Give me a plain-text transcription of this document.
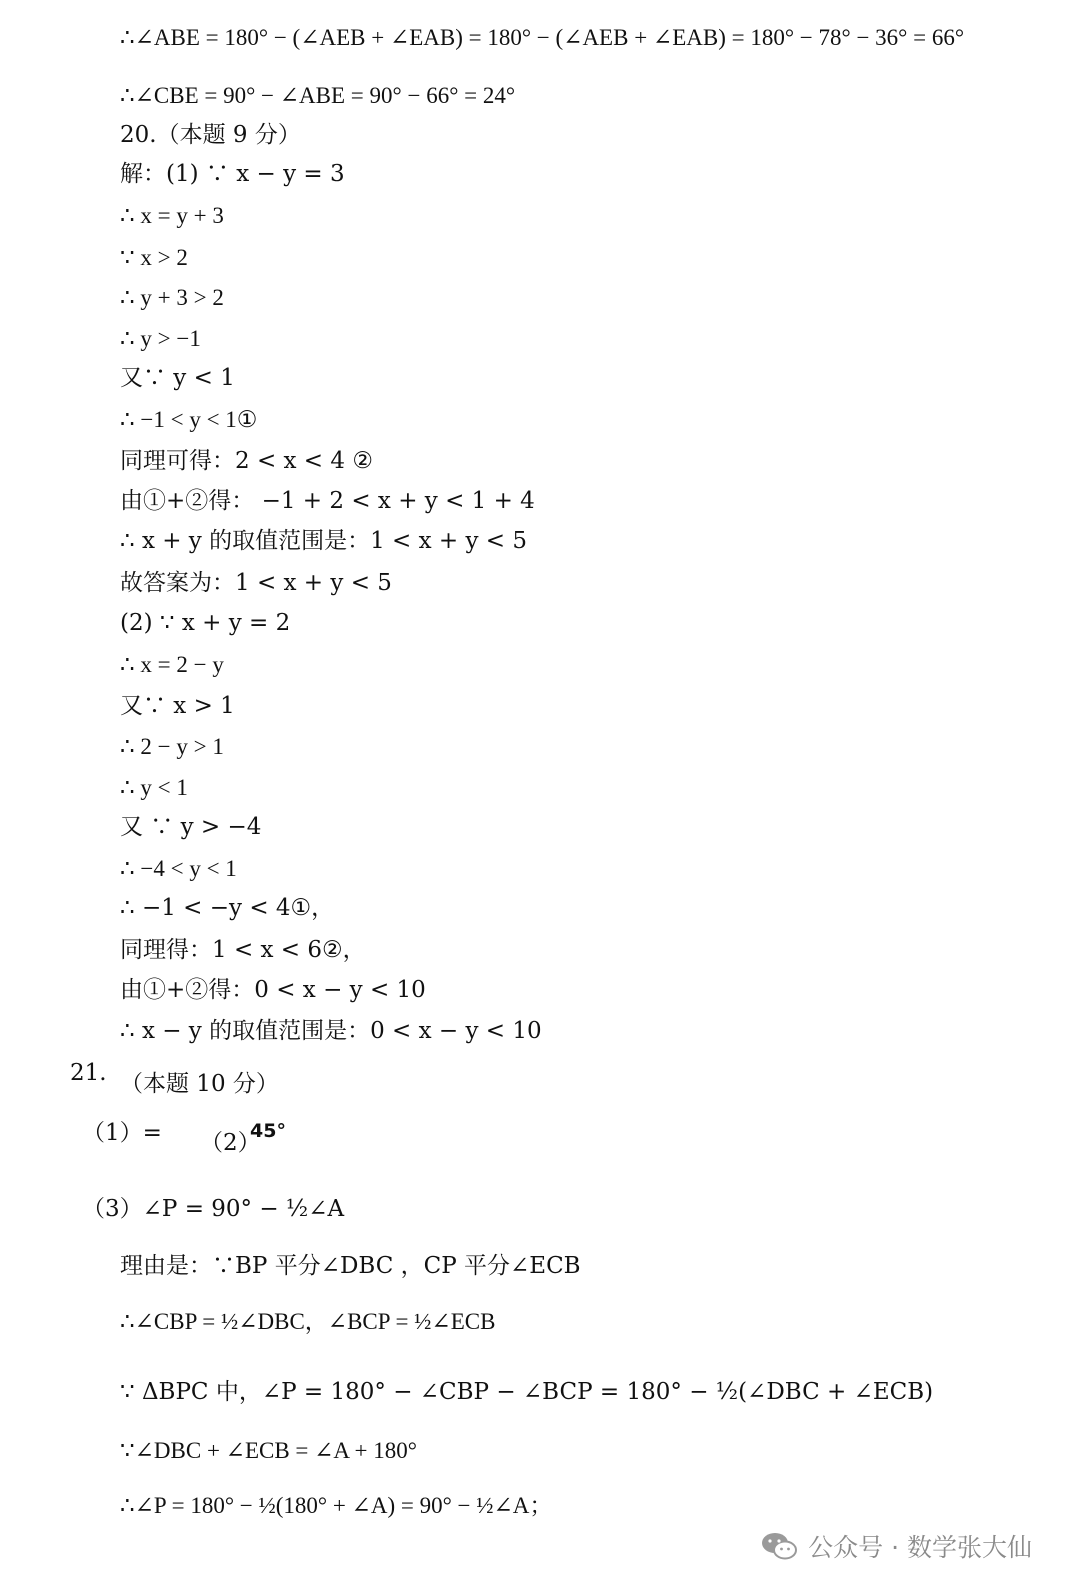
∴∠ABE = 180° − (∠AEB + ∠EAB) = 180° − (∠AEB + ∠EAB) = 180° − 78° − 36° = 66°
∴∠CBE = 90° − ∠ABE = 90° − 66° = 24°
20.（本题 9 分）
解：(1) ∵ x − y = 3
∴ x = y + 3
∵ x > 2
∴ y + 3 > 2
∴ y > −1
又∵ y < 1
∴ −1 < y < 1①
同理可得：2 < x < 4 ②
由①+②得： −1 + 2 < x + y < 1 + 4
∴ x + y 的取值范围是：1 < x + y < 5
故答案为：1 < x + y < 5
(2) ∵ x + y = 2
∴ x = 2 − y
又∵ x > 1
∴ 2 − y > 1
∴ y < 1
又 ∵ y > −4
∴ −4 < y < 1
∴ −1 < −y < 4①，
同理得：1 < x < 6②，
由①+②得：0 < x − y < 10
∴ x − y 的取值范围是：0 < x − y < 10
21. （本题 10 分）
（1）= （2）
45°
（3）∠P = 90° − ½∠A
理由是：∵BP 平分∠DBC ，CP 平分∠ECB
∴∠CBP = ½∠DBC，∠BCP = ½∠ECB
∵ ΔBPC 中，∠P = 180° − ∠CBP − ∠BCP = 180° − ½(∠DBC + ∠ECB)
∵∠DBC + ∠ECB = ∠A + 180°
∴∠P = 180° − ½(180° + ∠A) = 90° − ½∠A；
公众号 · 数学张大仙
